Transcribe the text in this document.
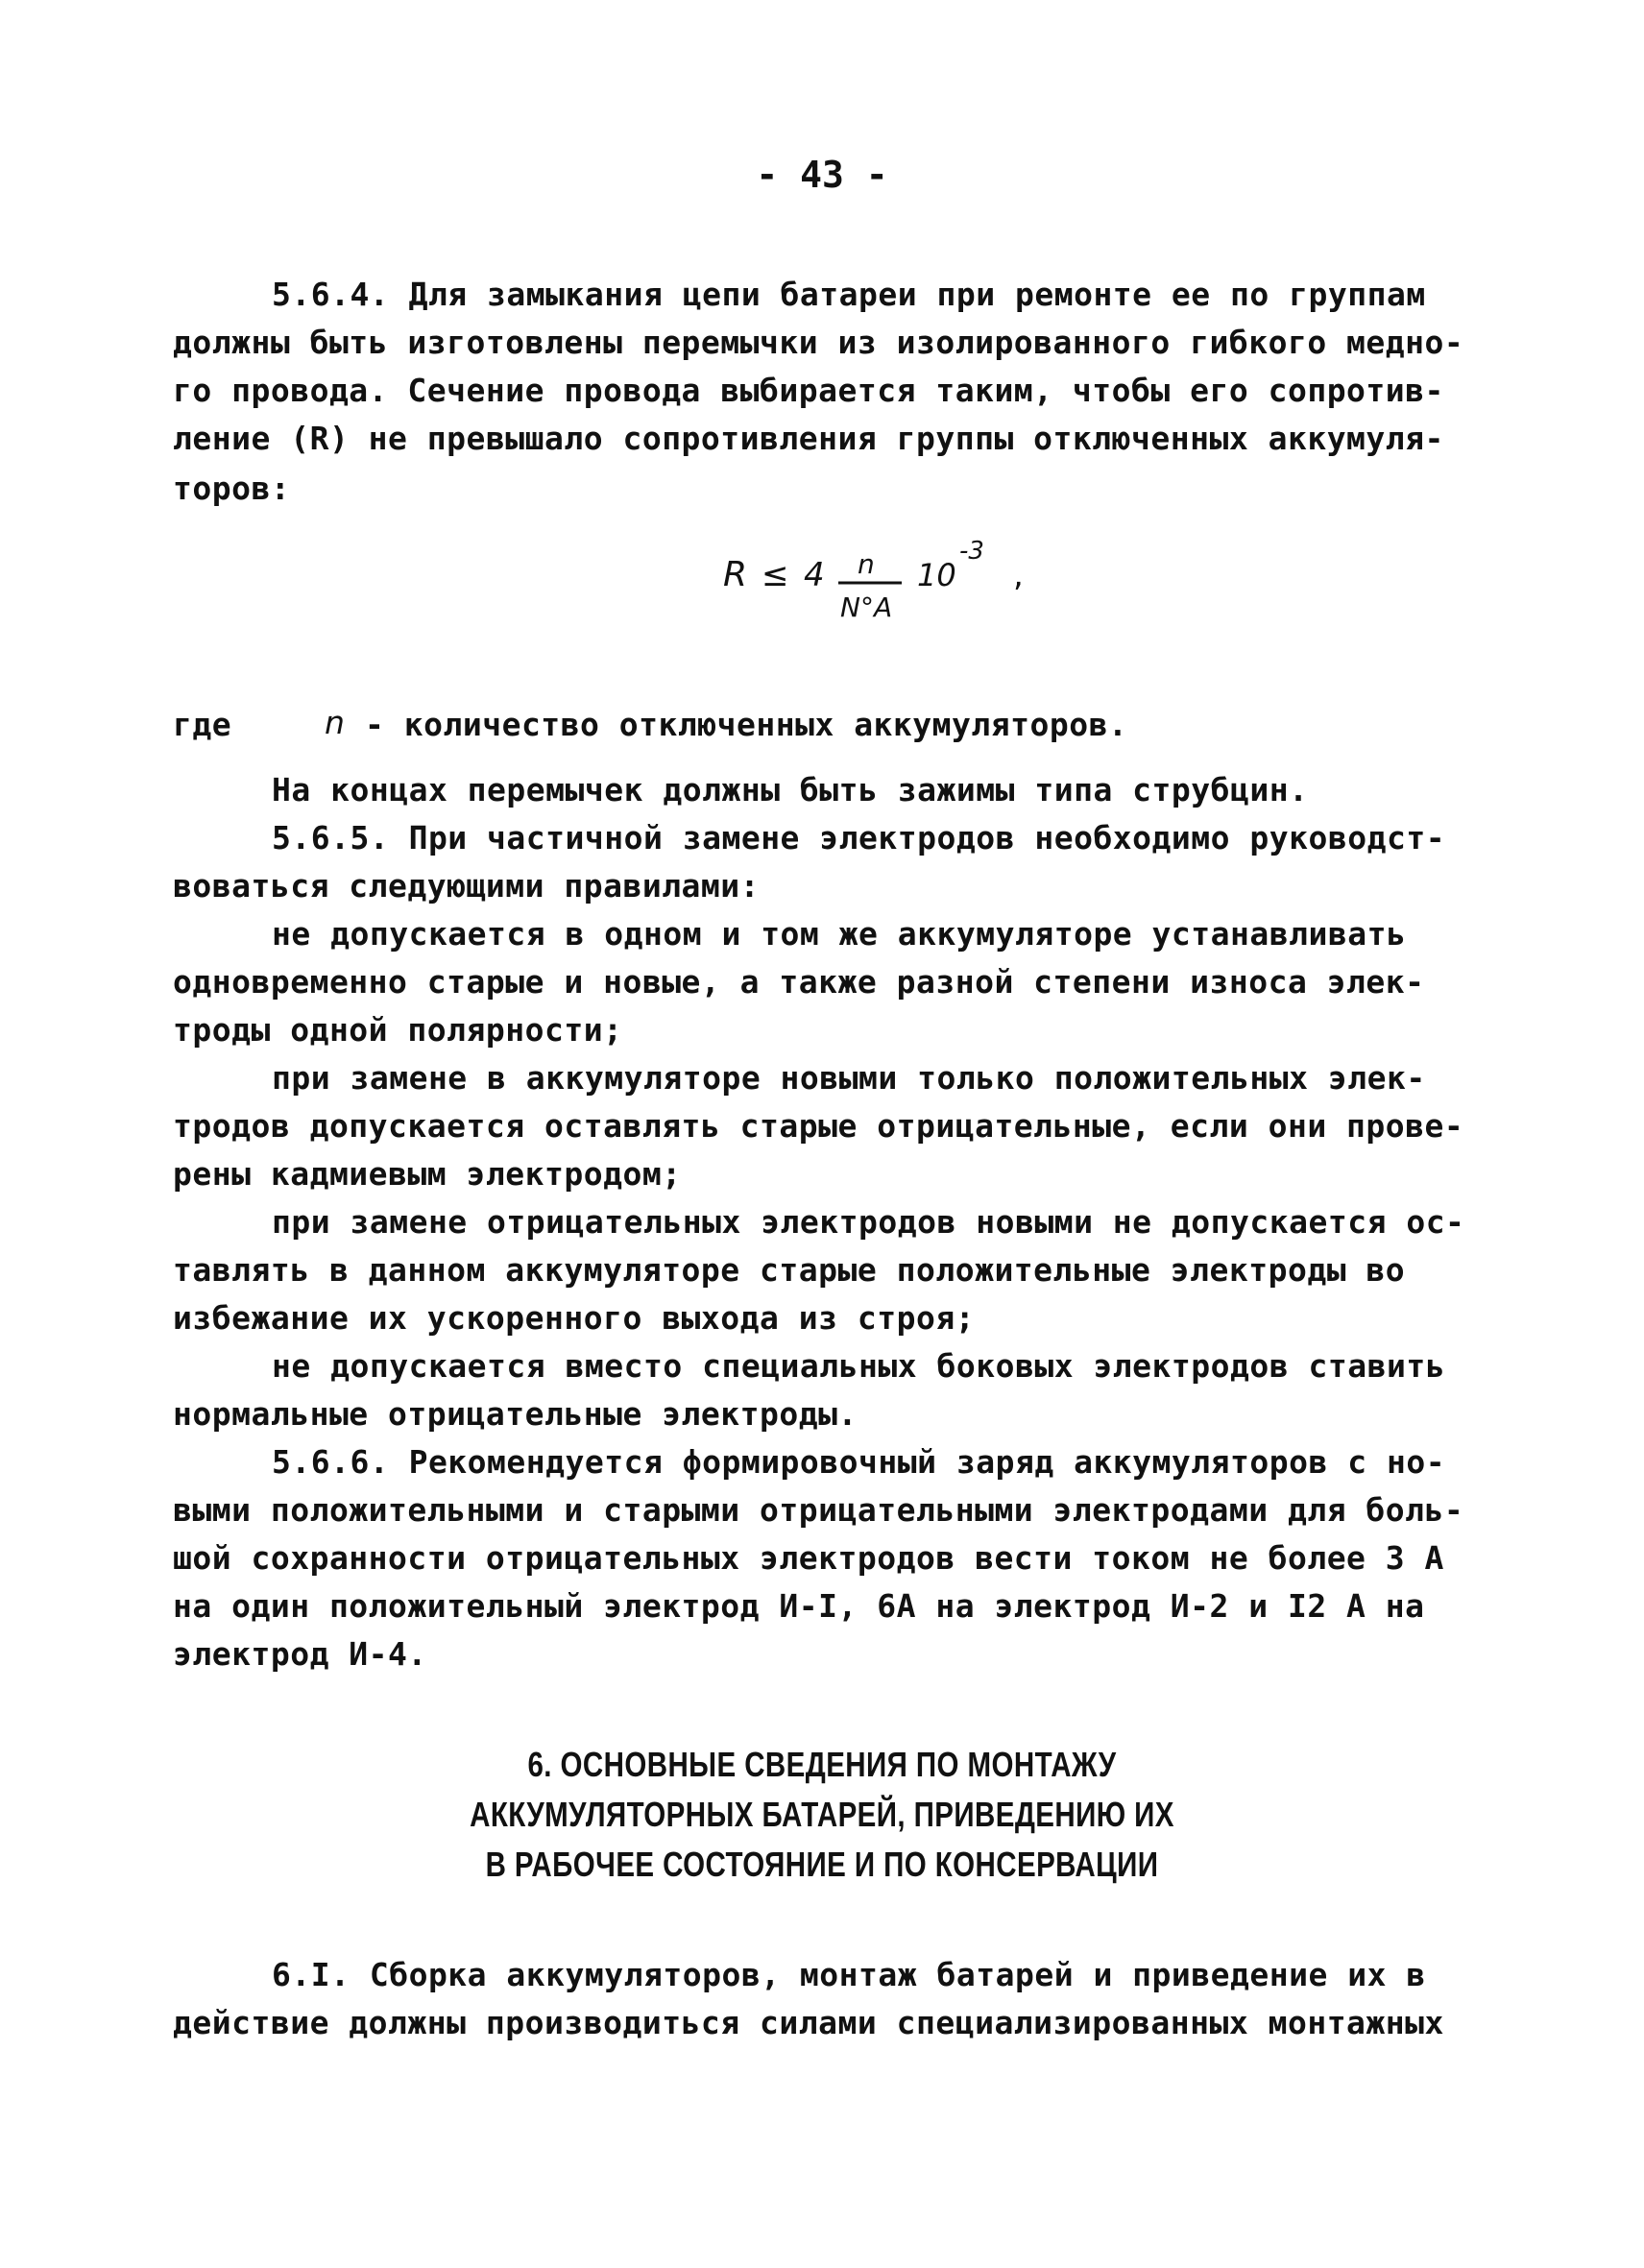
- 43 -
5.6.4. Для замыкания цепи батареи при ремонте ее по группам
должны быть изготовлены перемычки из изолированного гибкого медно-
го провода. Сечение провода выбирается таким, чтобы его сопротив-
ление (R) не превышало сопротивления группы отключенных аккумуля-
торов:
R ≤ 4 n
N°A
10
-3
,
где	n - количество отключенных аккумуляторов.
На концах перемычек должны быть зажимы типа струбцин.
5.6.5. При частичной замене электродов необходимо руководст-
воваться следующими правилами:
не допускается в одном и том же аккумуляторе устанавливать
одновременно старые и новые, а также разной степени износа элек-
троды одной полярности;
при замене в аккумуляторе новыми только положительных элек-
тродов допускается оставлять старые отрицательные, если они прове-
рены кадмиевым электродом;
при замене отрицательных электродов новыми не допускается ос-
тавлять в данном аккумуляторе старые положительные электроды во
избежание их ускоренного выхода из строя;
не допускается вместо специальных боковых электродов ставить
нормальные отрицательные электроды.
5.6.6. Рекомендуется формировочный заряд аккумуляторов с но-
выми положительными и старыми отрицательными электродами для боль-
шой сохранности отрицательных электродов вести током не более 3 А
на один положительный электрод И-I, 6А на электрод И-2 и I2 А на
электрод И-4.
6. ОСНОВНЫЕ СВЕДЕНИЯ ПО МОНТАЖУ
АККУМУЛЯТОРНЫХ БАТАРЕЙ, ПРИВЕДЕНИЮ ИХ
В РАБОЧЕЕ СОСТОЯНИЕ И ПО КОНСЕРВАЦИИ
6.I. Сборка аккумуляторов, монтаж батарей и приведение их в
действие должны производиться силами специализированных монтажных
